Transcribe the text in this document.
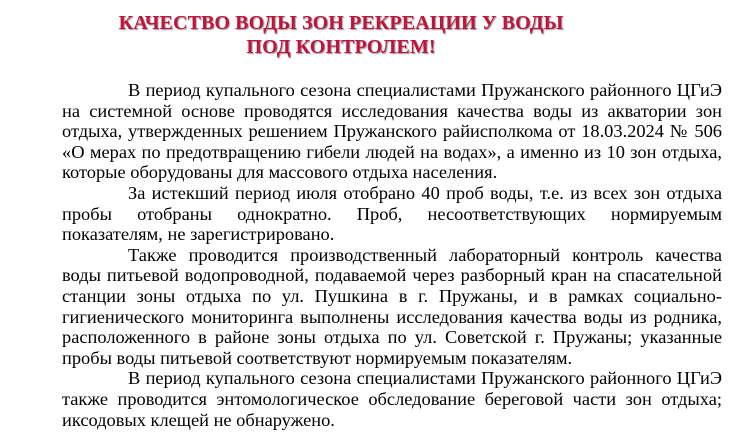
КАЧЕСТВО ВОДЫ ЗОН РЕКРЕАЦИИ У ВОДЫ
ПОД КОНТРОЛЕМ!

В период купального сезона специалистами Пружанского районного ЦГиЭ на системной основе проводятся исследования качества воды из акватории зон отдыха, утвержденных решением Пружанского райисполкома от 18.03.2024 № 506 «О мерах по предотвращению гибели людей на водах», а именно из 10 зон отдыха, которые оборудованы для массового отдыха населения.

За истекший период июля отобрано 40 проб воды, т.е. из всех зон отдыха пробы отобраны однократно. Проб, несоответствующих нормируемым показателям, не зарегистрировано.

Также проводится производственный лабораторный контроль качества воды питьевой водопроводной, подаваемой через разборный кран на спасательной станции зоны отдыха по ул. Пушкина в г. Пружаны, и в рамках социально-гигиенического мониторинга выполнены исследования качества воды из родника, расположенного в районе зоны отдыха по ул. Советской г. Пружаны; указанные пробы воды питьевой соответствуют нормируемым показателям.

В период купального сезона специалистами Пружанского районного ЦГиЭ также проводится энтомологическое обследование береговой части зон отдыха; иксодовых клещей не обнаружено.
